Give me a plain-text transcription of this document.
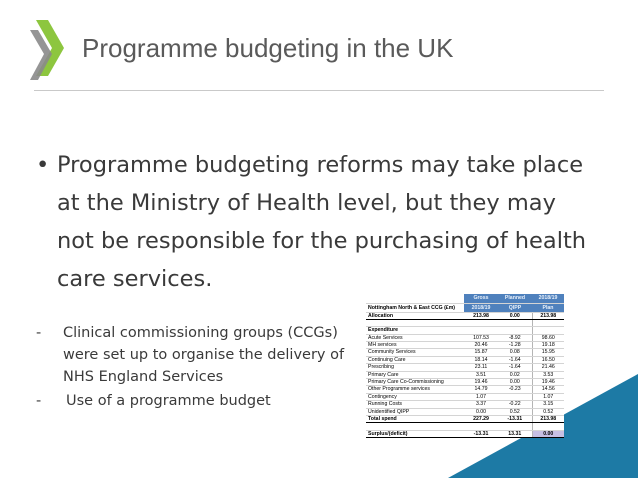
Programme budgeting in the UK
• Programme budgeting reforms may take place at the Ministry of Health level, but they may not be responsible for the purchasing of health care services.
- Clinical commissioning groups (CCGs) were set up to organise the delivery of NHS England Services
- Use of a programme budget
	Gross	Planned	2018/19
Nottingham North & East CCG (£m)	2018/19	QIPP	Plan
Allocation	213.98	0.00	213.98

Expenditure			
Acute Services	107.53	-8.92	98.60
MH services	20.46	-1.28	19.18
Community Services	15.87	0.08	15.95
Continuing Care	18.14	-1.64	16.50
Prescribing	23.11	-1.64	21.46
Primary Care	3.51	0.02	3.53
Primary Care Co-Commissioning	19.46	0.00	19.46
Other Programme services	14.79	-0.23	14.56
Contingency	1.07		1.07
Running Costs	3.37	-0.22	3.15
Unidentified QIPP	0.00	0.52	0.52
Total spend	227.29	-13.31	213.98

Surplus/(deficit)	-13.31	13.31	0.00
